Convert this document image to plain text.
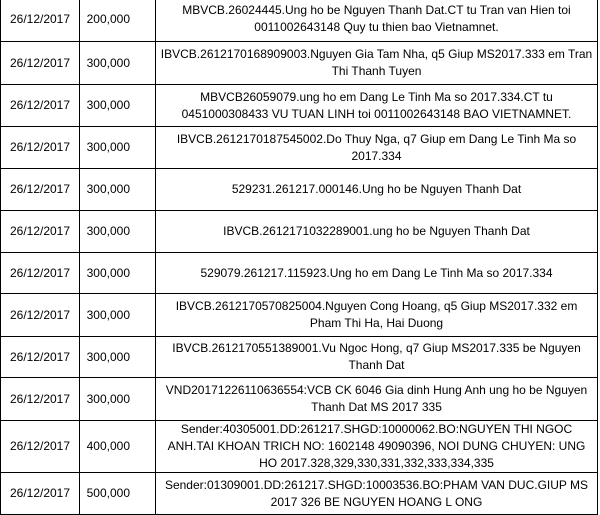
26/12/2017	200,000	MBVCB.26024445.Ung ho be Nguyen Thanh Dat.CT tu Tran van Hien toi 0011002643148 Quy tu thien bao Vietnamnet.
26/12/2017	300,000	IBVCB.2612170168909003.Nguyen Gia Tam Nha, q5 Giup MS2017.333 em Tran Thi Thanh Tuyen
26/12/2017	300,000	MBVCB26059079.ung ho em Dang Le Tinh Ma so 2017.334.CT tu 0451000308433 VU TUAN LINH toi 0011002643148 BAO VIETNAMNET.
26/12/2017	300,000	IBVCB.2612170187545002.Do Thuy Nga, q7 Giup em Dang Le Tinh Ma so 2017.334
26/12/2017	300,000	529231.261217.000146.Ung ho be Nguyen Thanh Dat
26/12/2017	300,000	IBVCB.2612171032289001.ung ho be Nguyen Thanh Dat
26/12/2017	300,000	529079.261217.115923.Ung ho em Dang Le Tinh Ma so 2017.334
26/12/2017	300,000	IBVCB.2612170570825004.Nguyen Cong Hoang, q5 Giup MS2017.332 em Pham Thi Ha, Hai Duong
26/12/2017	300,000	IBVCB.2612170551389001.Vu Ngoc Hong, q7 Giup MS2017.335 be Nguyen Thanh Dat
26/12/2017	300,000	VND20171226110636554:VCB CK 6046 Gia dinh Hung Anh ung ho be Nguyen Thanh Dat MS 2017 335
26/12/2017	400,000	Sender:40305001.DD:261217.SHGD:10000062.BO:NGUYEN THI NGOC ANH.TAI KHOAN TRICH NO: 1602148 49090396, NOI DUNG CHUYEN: UNG HO 2017.328,329,330,331,332,333,334,335
26/12/2017	500,000	Sender:01309001.DD:261217.SHGD:10003536.BO:PHAM VAN DUC.GIUP MS 2017 326 BE NGUYEN HOANG L ONG
